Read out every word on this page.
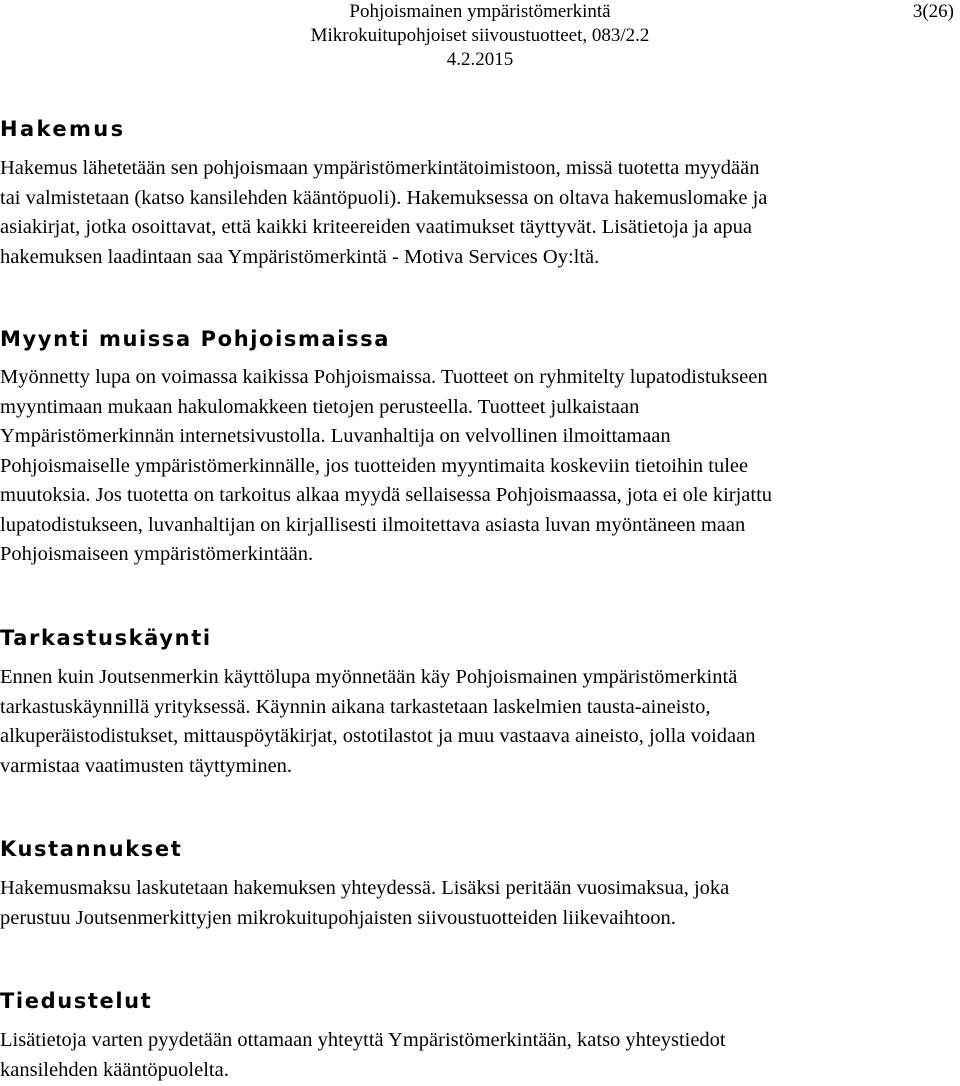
Pohjoismainen ympäristömerkintä
Mikrokuitupohjoiset siivoustuotteet, 083/2.2
4.2.2015
3(26)
Hakemus

Hakemus lähetetään sen pohjoismaan ympäristömerkintätoimistoon, missä tuotetta myydään
tai valmistetaan (katso kansilehden kääntöpuoli). Hakemuksessa on oltava hakemuslomake ja
asiakirjat, jotka osoittavat, että kaikki kriteereiden vaatimukset täyttyvät. Lisätietoja ja apua
hakemuksen laadintaan saa Ympäristömerkintä - Motiva Services Oy:ltä.

Myynti muissa Pohjoismaissa

Myönnetty lupa on voimassa kaikissa Pohjoismaissa. Tuotteet on ryhmitelty lupatodistukseen
myyntimaan mukaan hakulomakkeen tietojen perusteella. Tuotteet julkaistaan
Ympäristömerkinnän internetsivustolla. Luvanhaltija on velvollinen ilmoittamaan
Pohjoismaiselle ympäristömerkinnälle, jos tuotteiden myyntimaita koskeviin tietoihin tulee
muutoksia. Jos tuotetta on tarkoitus alkaa myydä sellaisessa Pohjoismaassa, jota ei ole kirjattu
lupatodistukseen, luvanhaltijan on kirjallisesti ilmoitettava asiasta luvan myöntäneen maan
Pohjoismaiseen ympäristömerkintään.

Tarkastuskäynti

Ennen kuin Joutsenmerkin käyttölupa myönnetään käy Pohjoismainen ympäristömerkintä
tarkastuskäynnillä yrityksessä. Käynnin aikana tarkastetaan laskelmien tausta-aineisto,
alkuperäistodistukset, mittauspöytäkirjat, ostotilastot ja muu vastaava aineisto, jolla voidaan
varmistaa vaatimusten täyttyminen.

Kustannukset

Hakemusmaksu laskutetaan hakemuksen yhteydessä. Lisäksi peritään vuosimaksua, joka
perustuu Joutsenmerkittyjen mikrokuitupohjaisten siivoustuotteiden liikevaihtoon.

Tiedustelut

Lisätietoja varten pyydetään ottamaan yhteyttä Ympäristömerkintään, katso yhteystiedot
kansilehden kääntöpuolelta.
